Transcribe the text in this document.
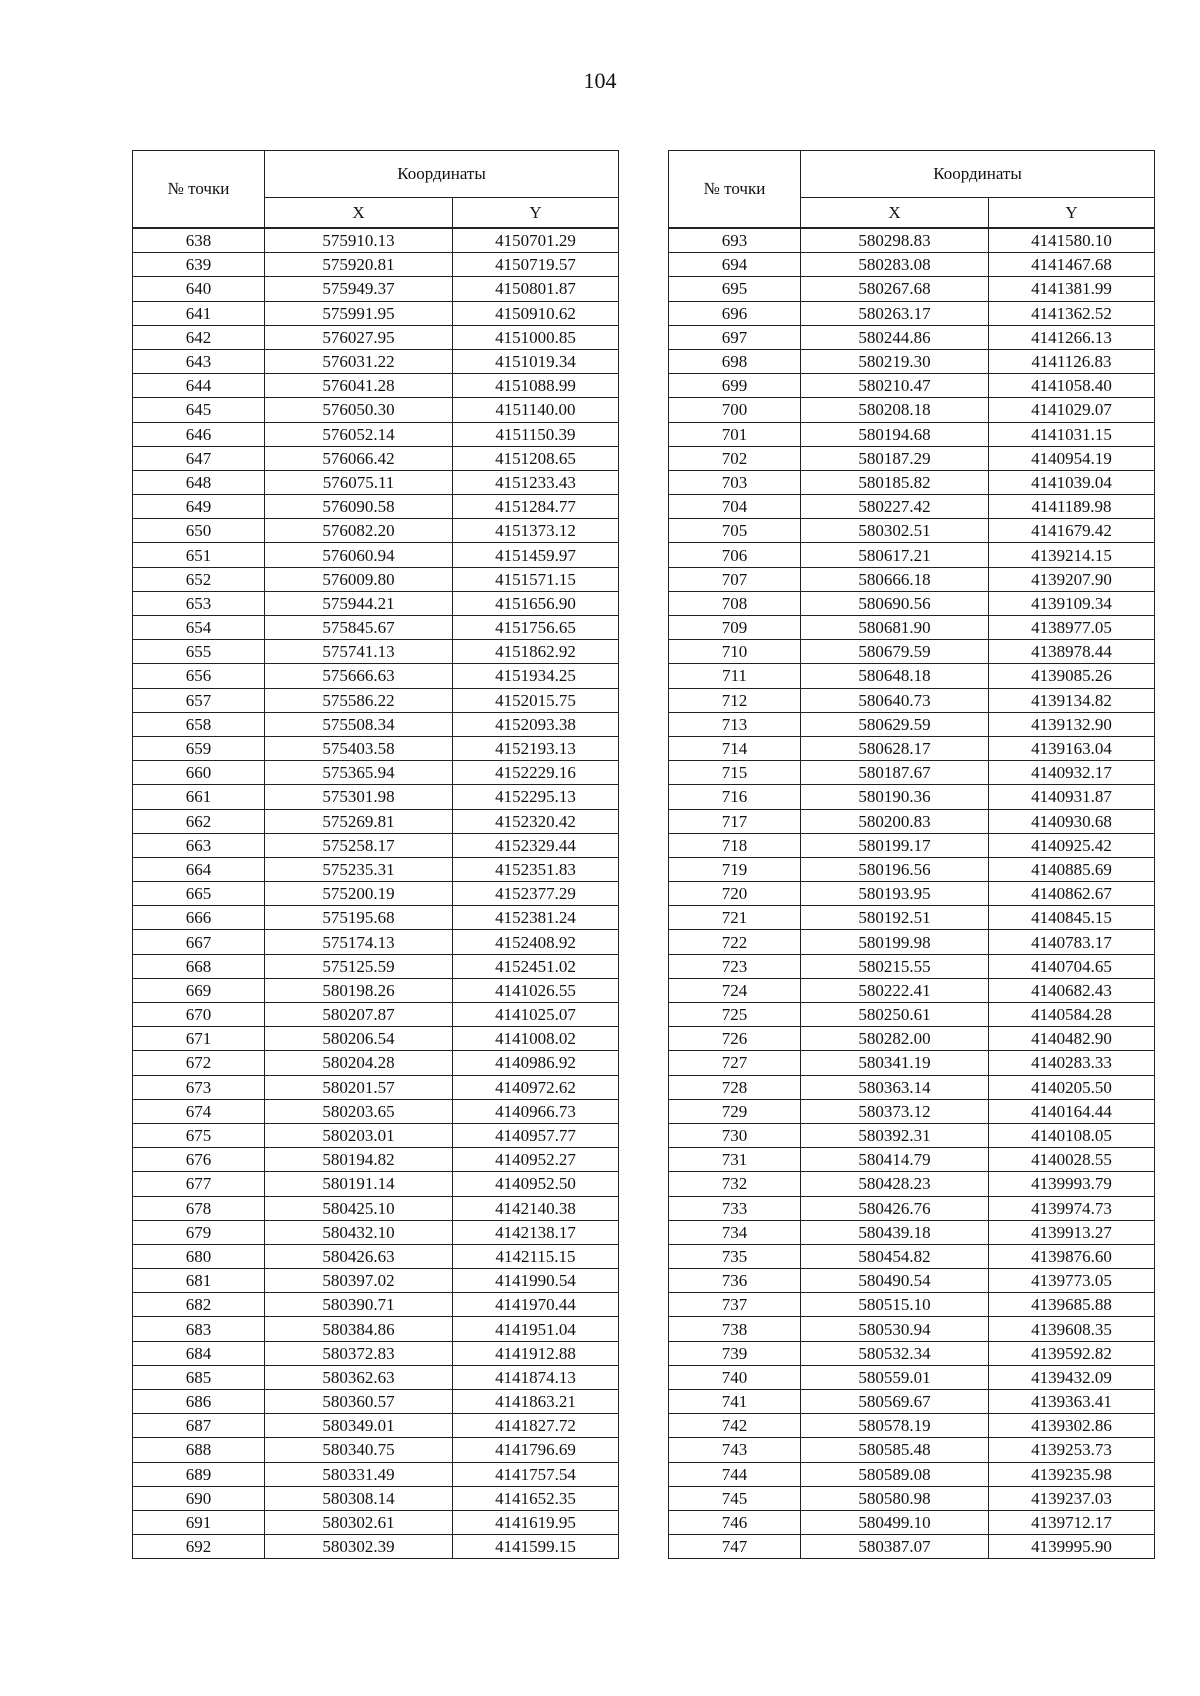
104
№ точки	Координаты	
	X	Y
638	575910.13	4150701.29
639	575920.81	4150719.57
640	575949.37	4150801.87
641	575991.95	4150910.62
642	576027.95	4151000.85
643	576031.22	4151019.34
644	576041.28	4151088.99
645	576050.30	4151140.00
646	576052.14	4151150.39
647	576066.42	4151208.65
648	576075.11	4151233.43
649	576090.58	4151284.77
650	576082.20	4151373.12
651	576060.94	4151459.97
652	576009.80	4151571.15
653	575944.21	4151656.90
654	575845.67	4151756.65
655	575741.13	4151862.92
656	575666.63	4151934.25
657	575586.22	4152015.75
658	575508.34	4152093.38
659	575403.58	4152193.13
660	575365.94	4152229.16
661	575301.98	4152295.13
662	575269.81	4152320.42
663	575258.17	4152329.44
664	575235.31	4152351.83
665	575200.19	4152377.29
666	575195.68	4152381.24
667	575174.13	4152408.92
668	575125.59	4152451.02
669	580198.26	4141026.55
670	580207.87	4141025.07
671	580206.54	4141008.02
672	580204.28	4140986.92
673	580201.57	4140972.62
674	580203.65	4140966.73
675	580203.01	4140957.77
676	580194.82	4140952.27
677	580191.14	4140952.50
678	580425.10	4142140.38
679	580432.10	4142138.17
680	580426.63	4142115.15
681	580397.02	4141990.54
682	580390.71	4141970.44
683	580384.86	4141951.04
684	580372.83	4141912.88
685	580362.63	4141874.13
686	580360.57	4141863.21
687	580349.01	4141827.72
688	580340.75	4141796.69
689	580331.49	4141757.54
690	580308.14	4141652.35
691	580302.61	4141619.95
692	580302.39	4141599.15
№ точки	Координаты	
	X	Y
693	580298.83	4141580.10
694	580283.08	4141467.68
695	580267.68	4141381.99
696	580263.17	4141362.52
697	580244.86	4141266.13
698	580219.30	4141126.83
699	580210.47	4141058.40
700	580208.18	4141029.07
701	580194.68	4141031.15
702	580187.29	4140954.19
703	580185.82	4141039.04
704	580227.42	4141189.98
705	580302.51	4141679.42
706	580617.21	4139214.15
707	580666.18	4139207.90
708	580690.56	4139109.34
709	580681.90	4138977.05
710	580679.59	4138978.44
711	580648.18	4139085.26
712	580640.73	4139134.82
713	580629.59	4139132.90
714	580628.17	4139163.04
715	580187.67	4140932.17
716	580190.36	4140931.87
717	580200.83	4140930.68
718	580199.17	4140925.42
719	580196.56	4140885.69
720	580193.95	4140862.67
721	580192.51	4140845.15
722	580199.98	4140783.17
723	580215.55	4140704.65
724	580222.41	4140682.43
725	580250.61	4140584.28
726	580282.00	4140482.90
727	580341.19	4140283.33
728	580363.14	4140205.50
729	580373.12	4140164.44
730	580392.31	4140108.05
731	580414.79	4140028.55
732	580428.23	4139993.79
733	580426.76	4139974.73
734	580439.18	4139913.27
735	580454.82	4139876.60
736	580490.54	4139773.05
737	580515.10	4139685.88
738	580530.94	4139608.35
739	580532.34	4139592.82
740	580559.01	4139432.09
741	580569.67	4139363.41
742	580578.19	4139302.86
743	580585.48	4139253.73
744	580589.08	4139235.98
745	580580.98	4139237.03
746	580499.10	4139712.17
747	580387.07	4139995.90
